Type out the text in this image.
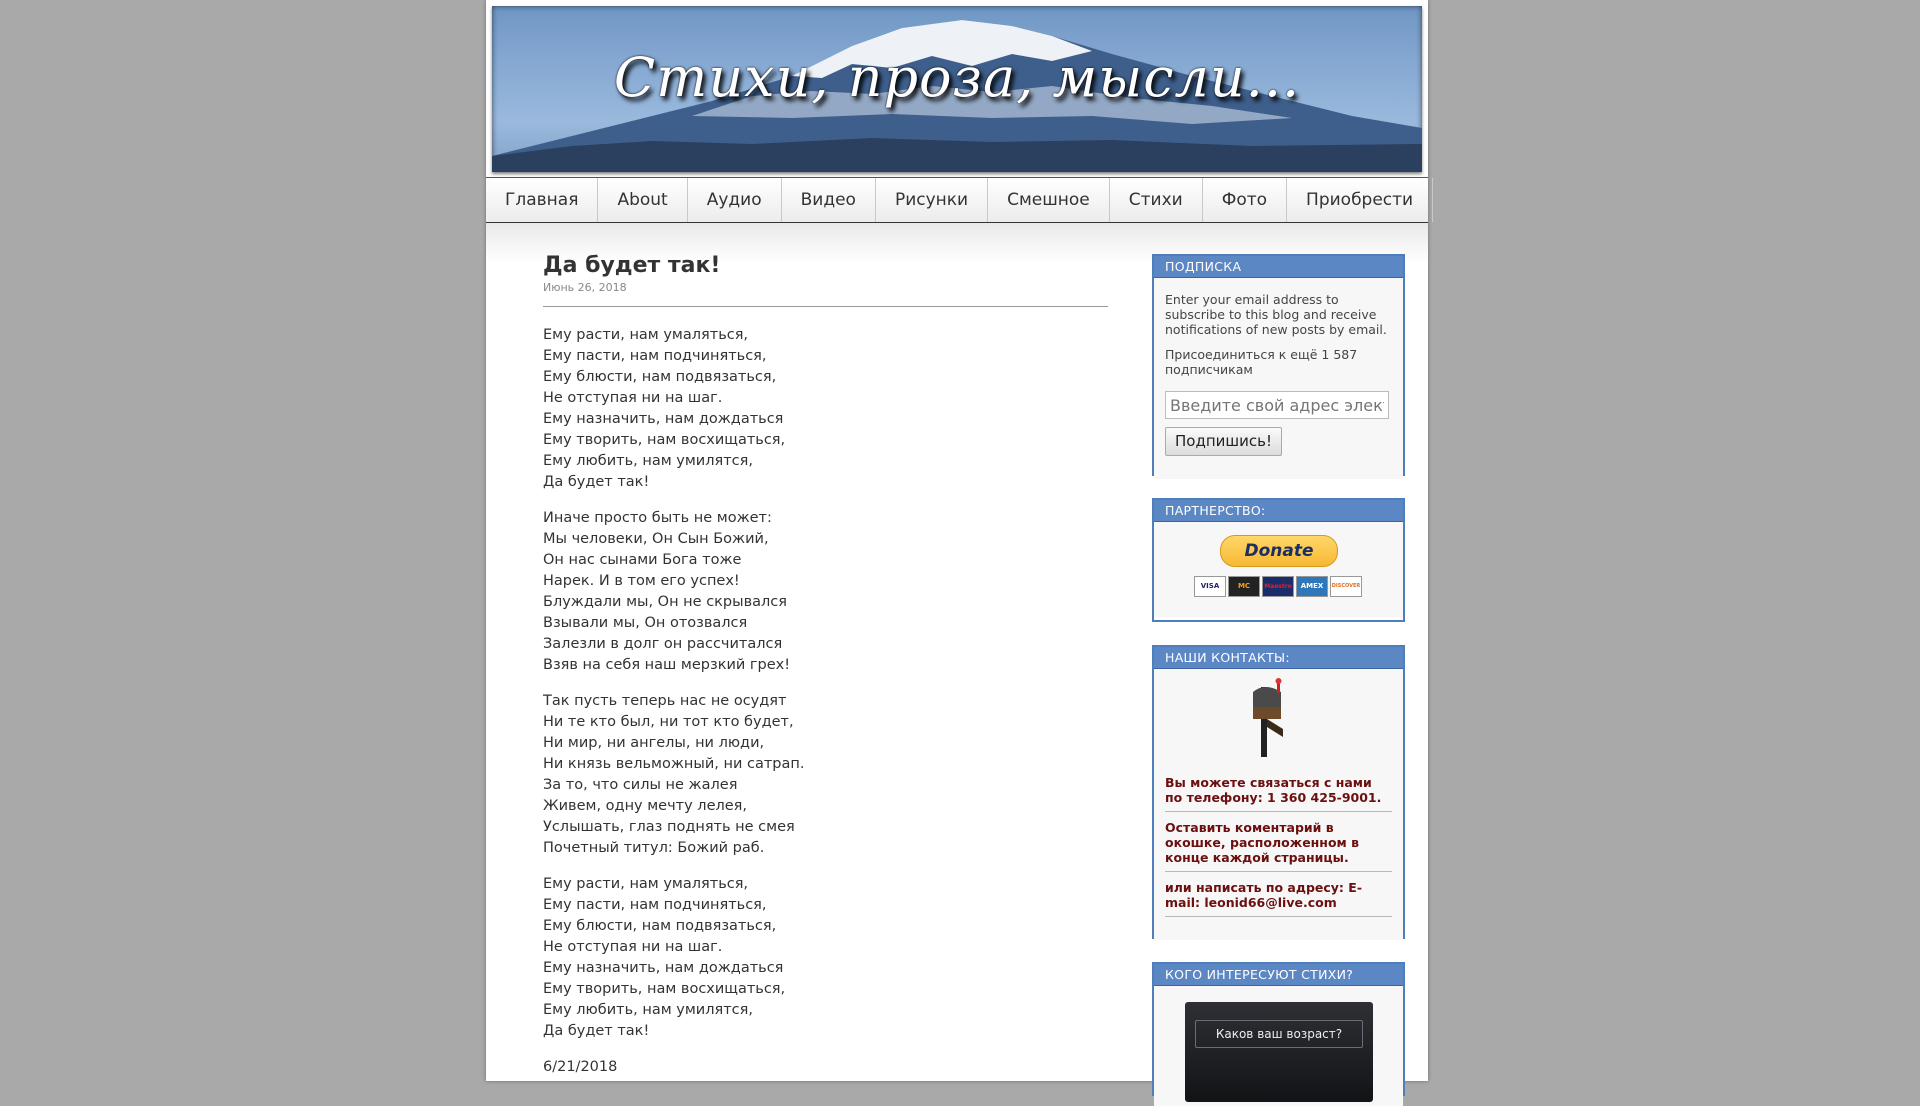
Стихи, проза, мысли...
Главная	About	Аудио	Видео	Рисунки	Смешное	Стихи	Фото	Приобрести
Да будет так!
Июнь 26, 2018
Ему расти, нам умаляться,
Ему пасти, нам подчиняться,
Ему блюсти, нам подвязаться,
Не отступая ни на шаг.
Ему назначить, нам дождаться
Ему творить, нам восхищаться,
Ему любить, нам умилятся,
Да будет так!
Иначе просто быть не может:
Мы человеки, Он Сын Божий,
Он нас сынами Бога тоже
Нарек. И в том его успех!
Блуждали мы, Он не скрывался
Взывали мы, Он отозвался
Залезли в долг он рассчитался
Взяв на себя наш мерзкий грех!
Так пусть теперь нас не осудят
Ни те кто был, ни тот кто будет,
Ни мир, ни ангелы, ни люди,
Ни князь вельможный, ни сатрап.
За то, что силы не жалея
Живем, одну мечту лелея,
Услышать, глаз поднять не смея
Почетный титул: Божий раб.
Ему расти, нам умаляться,
Ему пасти, нам подчиняться,
Ему блюсти, нам подвязаться,
Не отступая ни на шаг.
Ему назначить, нам дождаться
Ему творить, нам восхищаться,
Ему любить, нам умилятся,
Да будет так!
6/21/2018
ПОДПИСКА

Enter your email address to subscribe to this blog and receive notifications of new posts by email.

Присоединиться к ещё 1 587 подписчикам

Введите свой адрес электронной почты
Подпишись!
ПАРТНЕРСТВО:
Donate
VISA	MC	Maestro	AMEX	DISCOVER
НАШИ КОНТАКТЫ:
Вы можете связаться с нами по телефону: 1 360 425-9001.
Оставить коментарий в окошке, расположенном в конце каждой страницы.
или написать по адресу: E-mail: leonid66@live.com
КОГО ИНТЕРЕСУЮТ СТИХИ?
Каков ваш возраст?
